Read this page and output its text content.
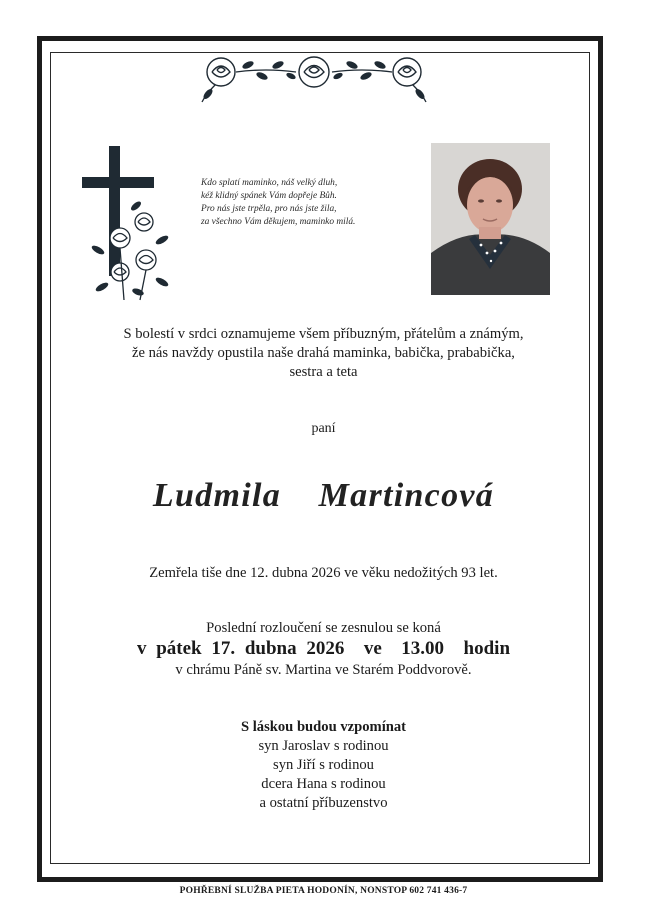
Kdo splatí maminko, náš velký dluh,
kéž klidný spánek Vám dopřeje Bůh.
Pro nás jste trpěla, pro nás jste žila,
za všechno Vám děkujem, maminko milá.
S bolestí v srdci oznamujeme všem příbuzným, přátelům a známým,
že nás navždy opustila naše drahá maminka, babička, prababička,
sestra a teta
paní
Ludmila  Martincová
Zemřela tiše dne 12. dubna 2026 ve věku nedožitých 93 let.
Poslední rozloučení se zesnulou se koná
v pátek 17. dubna 2026  ve  13.00  hodin
v chrámu Páně sv. Martina ve Starém Poddvorově.
S láskou budou vzpomínat
syn Jaroslav s rodinou
syn Jiří s rodinou
dcera Hana s rodinou
a ostatní příbuzenstvo
POHŘEBNÍ SLUŽBA PIETA HODONÍN, NONSTOP 602 741 436-7
